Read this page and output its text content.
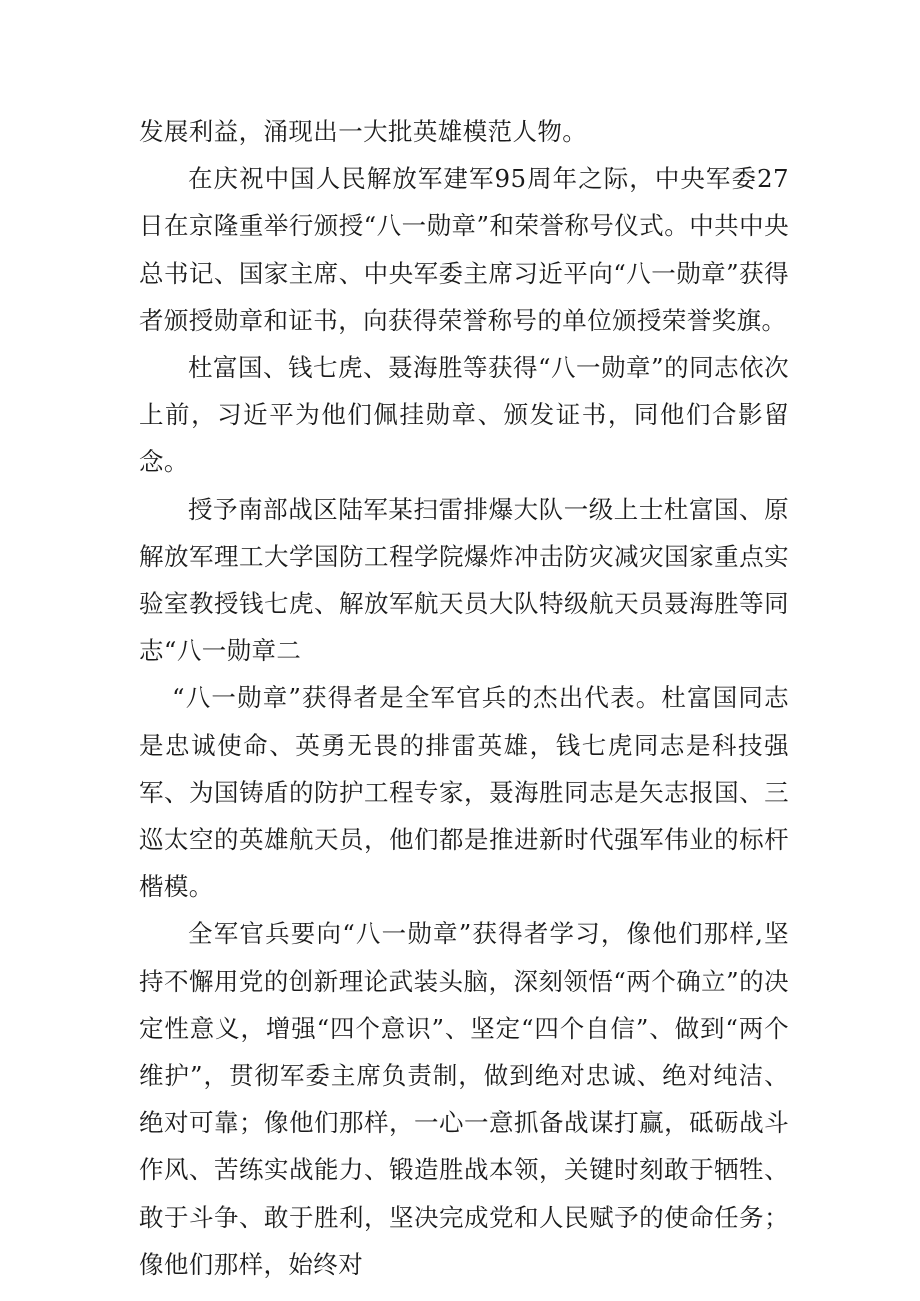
发展利益，涌现出一大批英雄模范人物。

在庆祝中国人民解放军建军95周年之际，中央军委27日在京隆重举行颁授“八一勋章”和荣誉称号仪式。中共中央总书记、国家主席、中央军委主席习近平向“八一勋章”获得者颁授勋章和证书，向获得荣誉称号的单位颁授荣誉奖旗。

杜富国、钱七虎、聂海胜等获得“八一勋章”的同志依次上前，习近平为他们佩挂勋章、颁发证书，同他们合影留念。

授予南部战区陆军某扫雷排爆大队一级上士杜富国、原解放军理工大学国防工程学院爆炸冲击防灾减灾国家重点实验室教授钱七虎、解放军航天员大队特级航天员聂海胜等同志“八一勋章二

“八一勋章”获得者是全军官兵的杰出代表。杜富国同志是忠诚使命、英勇无畏的排雷英雄，钱七虎同志是科技强军、为国铸盾的防护工程专家，聂海胜同志是矢志报国、三巡太空的英雄航天员，他们都是推进新时代强军伟业的标杆楷模。

全军官兵要向“八一勋章”获得者学习，像他们那样,坚持不懈用党的创新理论武装头脑，深刻领悟“两个确立”的决定性意义，增强“四个意识”、坚定“四个自信”、做到“两个维护”，贯彻军委主席负责制，做到绝对忠诚、绝对纯洁、绝对可靠；像他们那样，一心一意抓备战谋打赢，砥砺战斗作风、苦练实战能力、锻造胜战本领，关键时刻敢于牺牲、敢于斗争、敢于胜利，坚决完成党和人民赋予的使命任务；像他们那样，始终对
